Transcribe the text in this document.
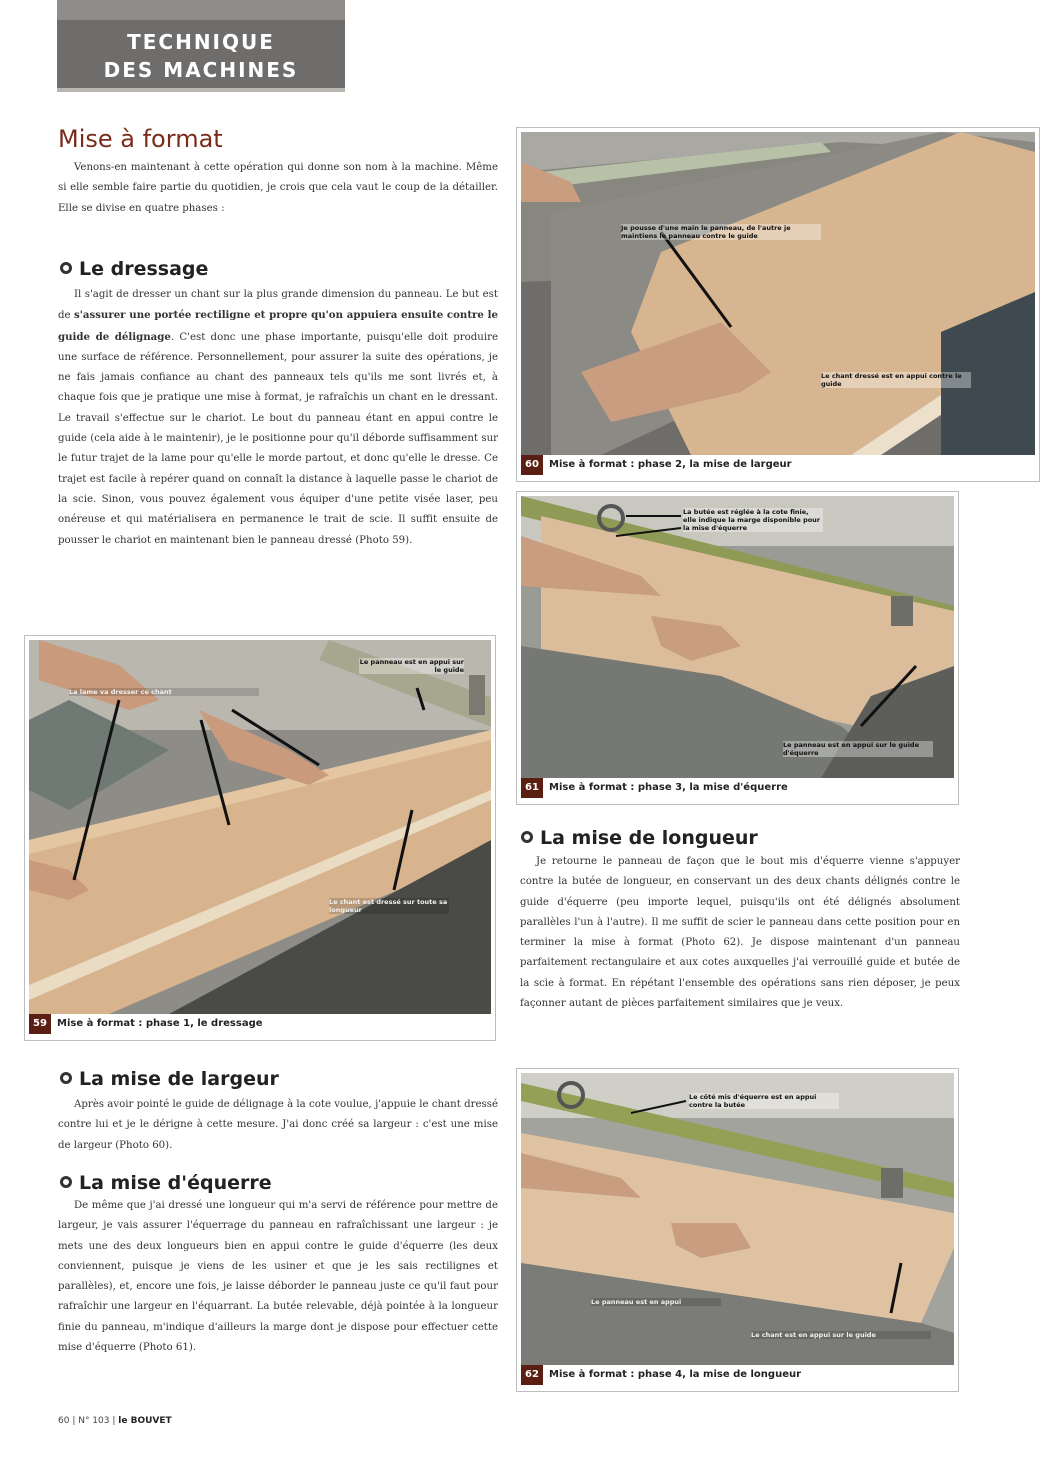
TECHNIQUE
DES MACHINES
Mise à format

Venons-en maintenant à cette opération qui donne son nom à la machine. Même si elle semble faire partie du quotidien, je crois que cela vaut le coup de la détailler. Elle se divise en quatre phases :

Le dressage

Il s'agit de dresser un chant sur la plus grande dimension du panneau. Le but est de s'assurer une portée rectiligne et propre qu'on appuiera ensuite contre le guide de délignage. C'est donc une phase importante, puisqu'elle doit produire une surface de référence. Personnellement, pour assurer la suite des opérations, je ne fais jamais confiance au chant des panneaux tels qu'ils me sont livrés et, à chaque fois que je pratique une mise à format, je rafraîchis un chant en le dressant. Le travail s'effectue sur le chariot. Le bout du panneau étant en appui contre le guide (cela aide à le maintenir), je le positionne pour qu'il déborde suffisamment sur le futur trajet de la lame pour qu'elle le morde partout, et donc qu'elle le dresse. Ce trajet est facile à repérer quand on connaît la distance à laquelle passe le chariot de la scie. Sinon, vous pouvez également vous équiper d'une petite visée laser, peu onéreuse et qui matérialisera en permanence le trait de scie. Il suffit ensuite de pousser le chariot en maintenant bien le panneau dressé (Photo 59).

Le panneau est en appui sur le guide
La lame va dresser ce chant
Le chant est dressé sur toute sa longueur
59 Mise à format : phase 1, le dressage
La mise de largeur

Après avoir pointé le guide de délignage à la cote voulue, j'appuie le chant dressé contre lui et je le dérigne à cette mesure. J'ai donc créé sa largeur : c'est une mise de largeur (Photo 60).

La mise d'équerre

De même que j'ai dressé une longueur qui m'a servi de référence pour mettre de largeur, je vais assurer l'équerrage du panneau en rafraîchissant une largeur : je mets une des deux longueurs bien en appui contre le guide d'équerre (les deux conviennent, puisque je viens de les usiner et que je les sais rectilignes et parallèles), et, encore une fois, je laisse déborder le panneau juste ce qu'il faut pour rafraîchir une largeur en l'équarrant. La butée relevable, déjà pointée à la longueur finie du panneau, m'indique d'ailleurs la marge dont je dispose pour effectuer cette mise d'équerre (Photo 61).

Je pousse d'une main le panneau, de l'autre je maintiens le panneau contre le guide
Le chant dressé est en appui contre le guide
60 Mise à format : phase 2, la mise de largeur
La butée est réglée à la cote finie, elle indique la marge disponible pour la mise d'équerre
Le panneau est en appui sur le guide d'équerre
61 Mise à format : phase 3, la mise d'équerre
La mise de longueur

Je retourne le panneau de façon que le bout mis d'équerre vienne s'appuyer contre la butée de longueur, en conservant un des deux chants délignés contre le guide d'équerre (peu importe lequel, puisqu'ils ont été délignés absolument parallèles l'un à l'autre). Il me suffit de scier le panneau dans cette position pour en terminer la mise à format (Photo 62). Je dispose maintenant d'un panneau parfaitement rectangulaire et aux cotes auxquelles j'ai verrouillé guide et butée de la scie à format. En répétant l'ensemble des opérations sans rien déposer, je peux façonner autant de pièces parfaitement similaires que je veux.

Le côté mis d'équerre est en appui contre la butée
Le panneau est en appui
Le chant est en appui sur le guide
62 Mise à format : phase 4, la mise de longueur
60 | N° 103 | le BOUVET
